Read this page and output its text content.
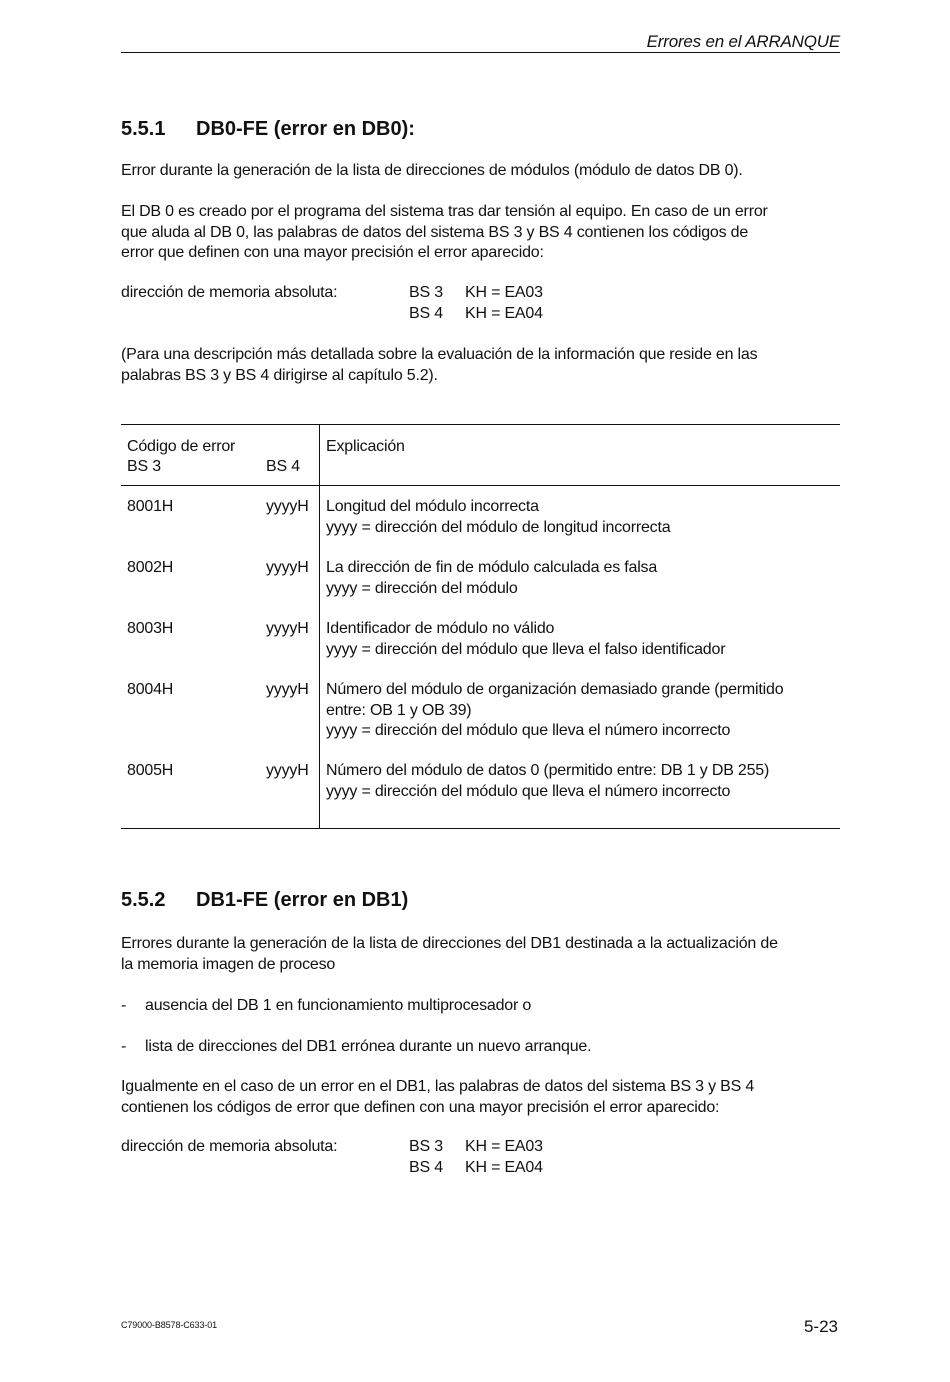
Errores en el ARRANQUE
5.5.1 DB0-FE (error en DB0):
Error durante la generación de la lista de direcciones de módulos (módulo de datos DB 0).
El DB 0 es creado por el programa del sistema tras dar tensión al equipo. En caso de un error
que aluda al DB 0, las palabras de datos del sistema BS 3 y BS 4 contienen los códigos de
error que definen con una mayor precisión el error aparecido:
dirección de memoria absoluta:	BS 3 KH = EA03
BS 4 KH = EA04
(Para una descripción más detallada sobre la evaluación de la información que reside en las
palabras BS 3 y BS 4 dirigirse al capítulo 5.2).
Código de error
BS 3	BS 4
Explicación
8001H	yyyyH Longitud del módulo incorrecta
yyyy = dirección del módulo de longitud incorrecta
8002H	yyyyH La dirección de fin de módulo calculada es falsa
yyyy = dirección del módulo
8003H	yyyyH Identificador de módulo no válido
yyyy = dirección del módulo que lleva el falso identificador
8004H	yyyyH Número del módulo de organización demasiado grande (permitido
entre: OB 1 y OB 39)
yyyy = dirección del módulo que lleva el número incorrecto
8005H	yyyyH Número del módulo de datos 0 (permitido entre: DB 1 y DB 255)
yyyy = dirección del módulo que lleva el número incorrecto
5.5.2 DB1-FE (error en DB1)
Errores durante la generación de la lista de direcciones del DB1 destinada a la actualización de
la memoria imagen de proceso
- ausencia del DB 1 en funcionamiento multiprocesador o
- lista de direcciones del DB1 errónea durante un nuevo arranque.
Igualmente en el caso de un error en el DB1, las palabras de datos del sistema BS 3 y BS 4
contienen los códigos de error que definen con una mayor precisión el error aparecido:
dirección de memoria absoluta:	BS 3 KH = EA03
BS 4 KH = EA04
C79000-B8578-C633-01	5-23
